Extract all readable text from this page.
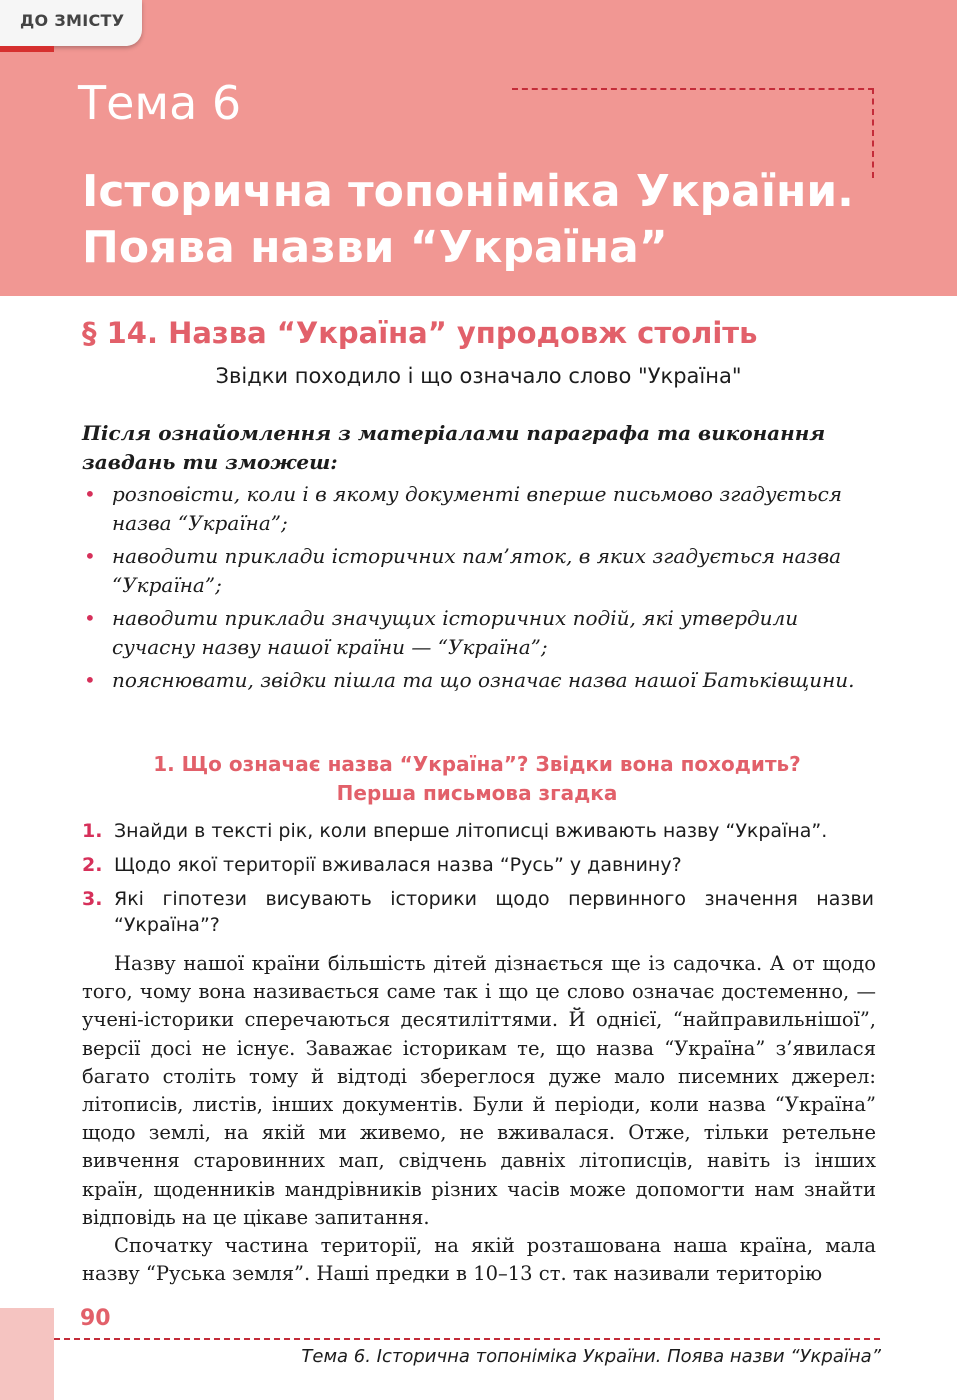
Тема 6
Історична топоніміка України.
Поява назви “Україна”
ДО ЗМІСТУ
§ 14. Назва “Україна” упродовж століть
Звідки походило і що означало слово "Україна"
Після ознайомлення з матеріалами параграфа та виконання завдань ти зможеш:
• розповісти, коли і в якому документі вперше письмово згадується назва “Україна”;
• наводити приклади історичних пам’яток, в яких згадується назва “Україна”;
• наводити приклади значущих історичних подій, які утвердили сучасну назву нашої країни — “Україна”;
• пояснювати, звідки пішла та що означає назва нашої Батьківщини.
1. Що означає назва “Україна”? Звідки вона походить?
Перша письмова згадка
1. Знайди в тексті рік, коли вперше літописці вживають назву “Україна”.
2. Щодо якої території вживалася назва “Русь” у давнину?
3. Які гіпотези висувають історики щодо первинного значення назви “Україна”?

Назву нашої країни більшість дітей дізнається ще із садочка. А от щодо того, чому вона називається саме так і що це слово означає достеменно, — учені-історики сперечаються десятиліттями. Й однієї, “найправильнішої”, версії досі не існує. Заважає історикам те, що назва “Україна” з’явилася багато століть тому й відтоді збереглося дуже мало писемних джерел: літописів, листів, інших документів. Були й періоди, коли назва “Україна” щодо землі, на якій ми живемо, не вживалася. Отже, тільки ретельне вивчення старовинних мап, свідчень давніх літописців, навіть із інших країн, щоденників мандрівників різних часів може допомогти нам знайти відповідь на це цікаве запитання.

Спочатку частина території, на якій розташована наша країна, мала назву “Руська земля”. Наші предки в 10–13 ст. так називали територію

90
Тема 6. Історична топоніміка України. Поява назви “Україна”
